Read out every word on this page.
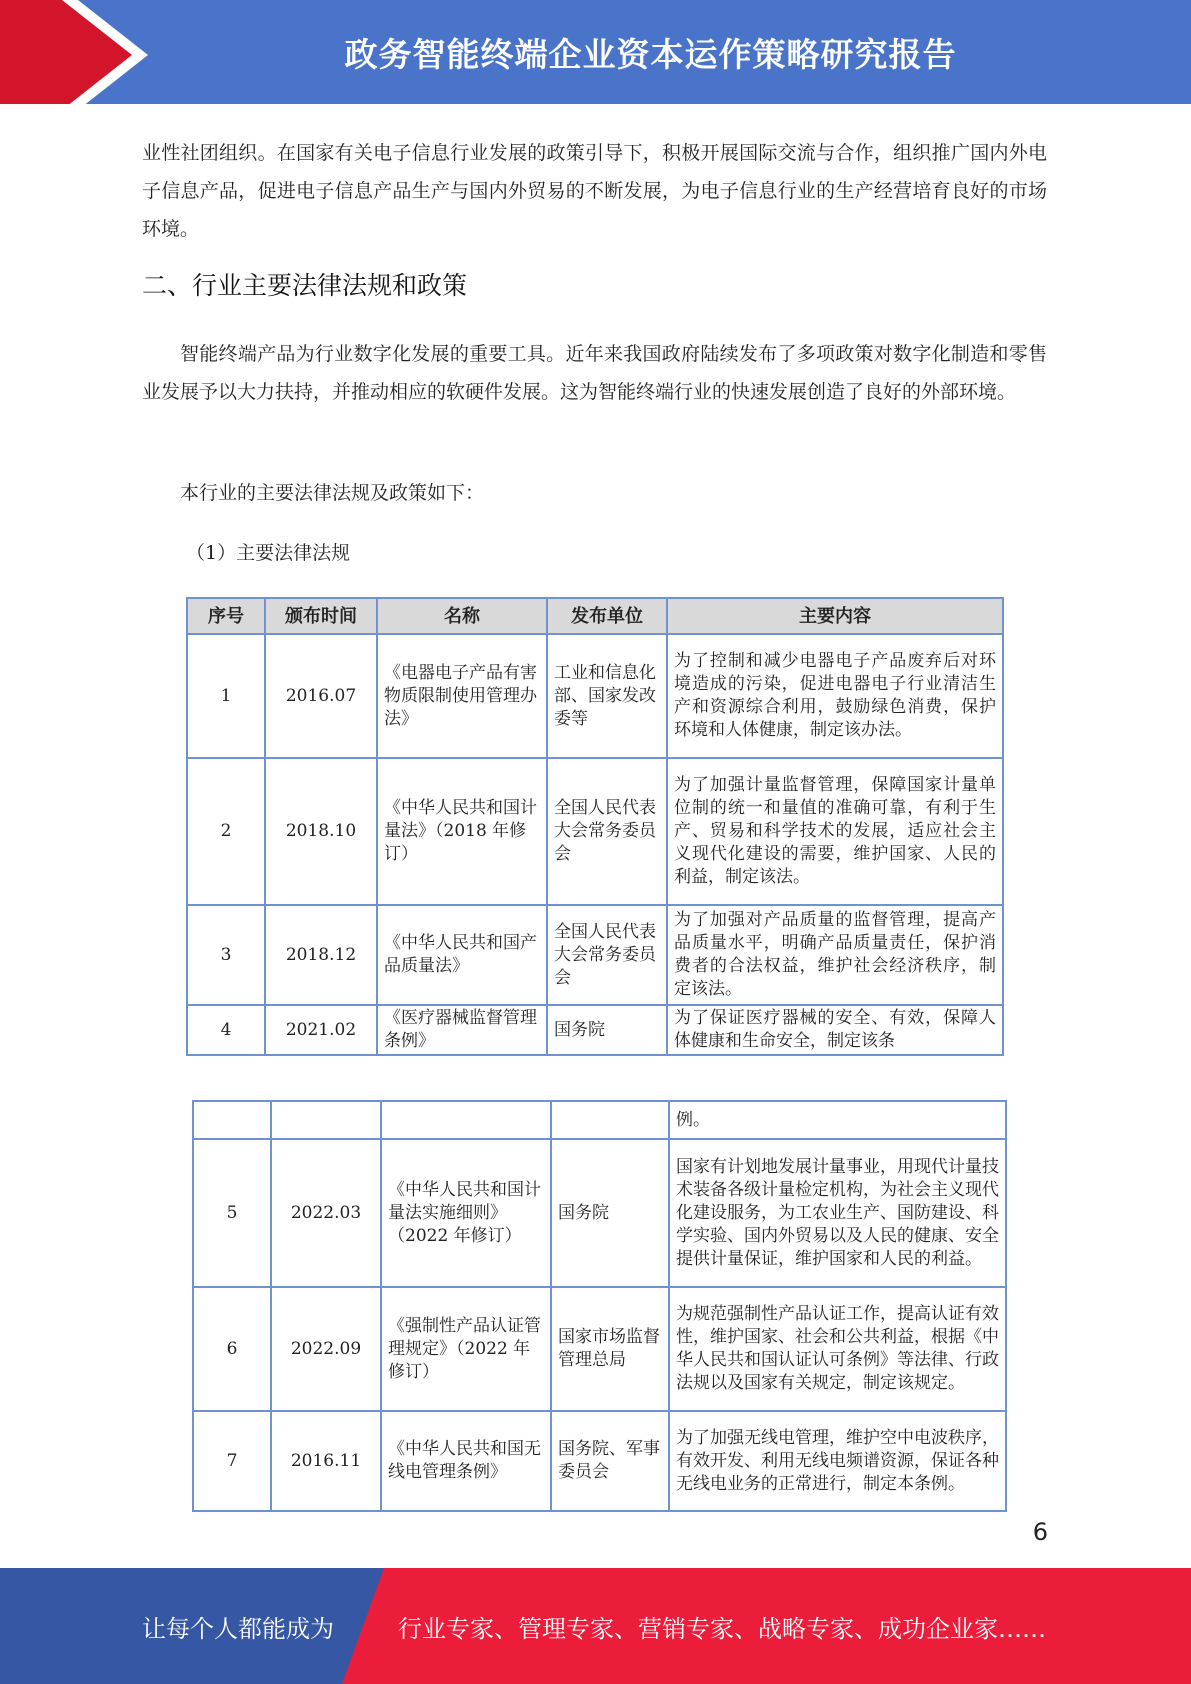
政务智能终端企业资本运作策略研究报告

业性社团组织。在国家有关电子信息行业发展的政策引导下，积极开展国际交流与合作，组织推广国内外电子信息产品，促进电子信息产品生产与国内外贸易的不断发展，为电子信息行业的生产经营培育良好的市场环境。

二、行业主要法律法规和政策

智能终端产品为行业数字化发展的重要工具。近年来我国政府陆续发布了多项政策对数字化制造和零售业发展予以大力扶持，并推动相应的软硬件发展。这为智能终端行业的快速发展创造了良好的外部环境。

本行业的主要法律法规及政策如下：

（1）主要法律法规

序号	颁布时间	名称	发布单位	主要内容
1	2016.07	《电器电子产品有害物质限制使用管理办法》	工业和信息化部、国家发改委等	为了控制和减少电器电子产品废弃后对环境造成的污染，促进电器电子行业清洁生产和资源综合利用，鼓励绿色消费，保护环境和人体健康，制定该办法。
2	2018.10	《中华人民共和国计量法》（2018 年修订）	全国人民代表大会常务委员会	为了加强计量监督管理，保障国家计量单位制的统一和量值的准确可靠，有利于生产、贸易和科学技术的发展，适应社会主义现代化建设的需要，维护国家、人民的利益，制定该法。
3	2018.12	《中华人民共和国产品质量法》	全国人民代表大会常务委员会	为了加强对产品质量的监督管理，提高产品质量水平，明确产品质量责任，保护消费者的合法权益，维护社会经济秩序，制定该法。
4	2021.02	《医疗器械监督管理条例》	国务院	为了保证医疗器械的安全、有效，保障人体健康和生命安全，制定该条
				例。
5	2022.03	《中华人民共和国计量法实施细则》（2022 年修订）	国务院	国家有计划地发展计量事业，用现代计量技术装备各级计量检定机构，为社会主义现代化建设服务，为工农业生产、国防建设、科学实验、国内外贸易以及人民的健康、安全提供计量保证，维护国家和人民的利益。
6	2022.09	《强制性产品认证管理规定》（2022 年修订）	国家市场监督管理总局	为规范强制性产品认证工作，提高认证有效性，维护国家、社会和公共利益，根据《中华人民共和国认证认可条例》等法律、行政法规以及国家有关规定，制定该规定。
7	2016.11	《中华人民共和国无线电管理条例》	国务院、军事委员会	为了加强无线电管理，维护空中电波秩序，有效开发、利用无线电频谱资源，保证各种无线电业务的正常进行，制定本条例。
6
让每个人都能成为	行业专家、管理专家、营销专家、战略专家、成功企业家……
